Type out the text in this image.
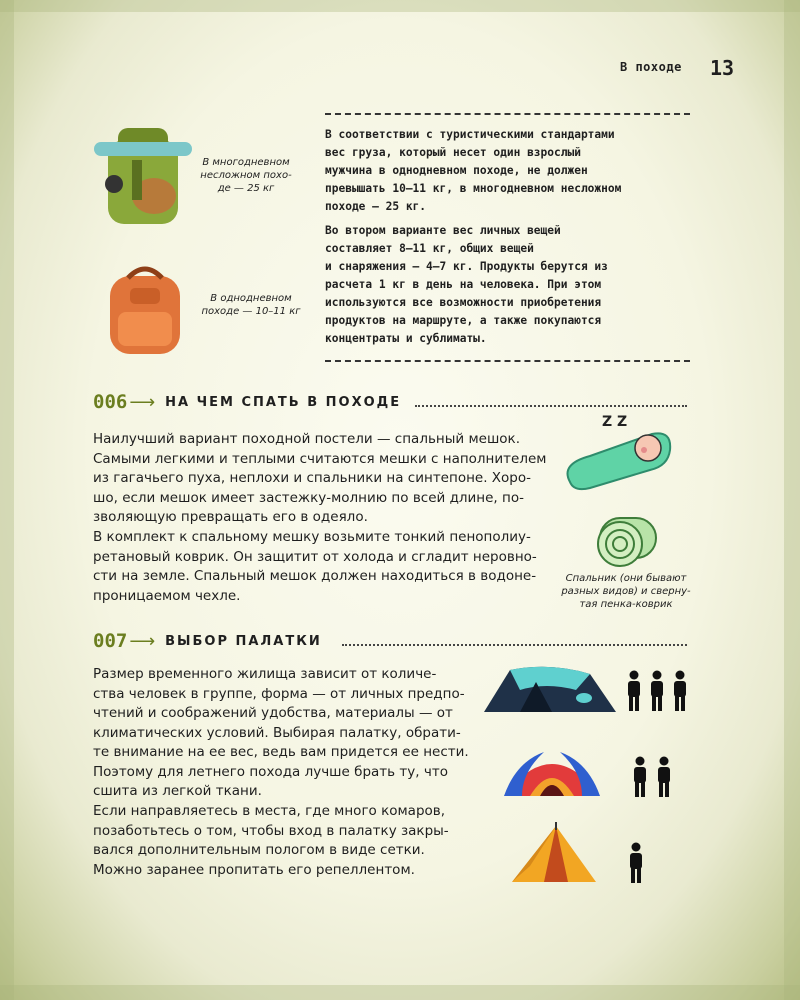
В походе 13

В многодневном
несложном похо-
де — 25 кг

В однодневном
походе — 10–11 кг

В соответствии с туристическими стандартами
вес груза, который несет один взрослый
мужчина в однодневном походе, не должен
превышать 10–11 кг, в многодневном несложном
походе — 25 кг.

Во втором варианте вес личных вещей
составляет 8–11 кг, общих вещей
и снаряжения — 4–7 кг. Продукты берутся из
расчета 1 кг в день на человека. При этом
используются все возможности приобретения
продуктов на маршруте, а также покупаются
концентраты и сублиматы.

006 ⟶ НА ЧЕМ СПАТЬ В ПОХОДЕ

Наилучший вариант походной постели — спальный мешок.
Самыми легкими и теплыми считаются мешки с наполнителем
из гагачьего пуха, неплохи и спальники на синтепоне. Хоро-
шо, если мешок имеет застежку-молнию по всей длине, по-
зволяющую превращать его в одеяло.

В комплект к спальному мешку возьмите тонкий пенополиу-
ретановый коврик. Он защитит от холода и сгладит неровно-
сти на земле. Спальный мешок должен находиться в водоне-
проницаемом чехле.

Z Z

Спальник (они бывают
разных видов) и сверну-
тая пенка-коврик

007 ⟶ ВЫБОР ПАЛАТКИ

Размер временного жилища зависит от количе-
ства человек в группе, форма — от личных предпо-
чтений и соображений удобства, материалы — от
климатических условий. Выбирая палатку, обрати-
те внимание на ее вес, ведь вам придется ее нести.
Поэтому для летнего похода лучше брать ту, что
сшита из легкой ткани.

Если направляетесь в места, где много комаров,
позаботьтесь о том, чтобы вход в палатку закры-
вался дополнительным пологом в виде сетки.
Можно заранее пропитать его репеллентом.
